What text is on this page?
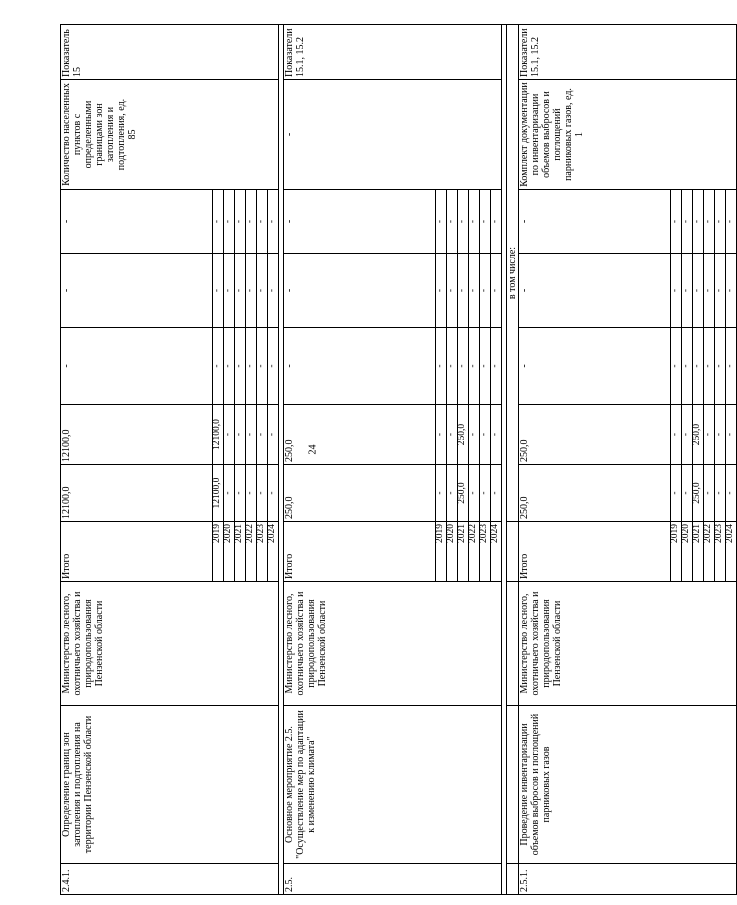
24
2.4.1.	Определение границ зон затопления и подтопления на территории Пензенской области	Министерство лесного, охотничьего хозяйства и природопользования Пензенской области	Итого	12100,0	12100,0	-	-	-	Количество населенных пунктов с определенными границами зон затопления и подтопления, ед. 85	Показатель 15
			2019	12100,0	12100,0	-	-	-		
			2020	-	-	-	-	-		
			2021	-	-	-	-	-		
			2022	-	-	-	-	-		
			2023	-	-	-	-	-		
			2024	-	-	-	-	-		

2.5.	Основное мероприятие 2.5. "Осуществление мер по адаптации к изменению климата"	Министерство лесного, охотничьего хозяйства и природопользования Пензенской области	Итого	250,0	250,0	-	-	-	-	Показатели 15.1, 15.2
			2019	-	-	-	-	-		
			2020	-	-	-	-	-		
			2021	250,0	250,0	-	-	-		
			2022	-	-	-	-	-		
			2023	-	-	-	-	-		
			2024	-	-	-	-	-		

				в том числе:						
2.5.1.	Проведение инвентаризации объемов выбросов и поглощений парниковых газов	Министерство лесного, охотничьего хозяйства и природопользования Пензенской области	Итого	250,0	250,0	-	-	-	Комплект документации по инвентаризации объемов выбросов и поглощений парниковых газов, ед. 1	Показатели 15.1, 15.2
			2019	-	-	-	-	-		
			2020	-	-	-	-	-		
			2021	250,0	250,0	-	-	-		
			2022	-	-	-	-	-		
			2023	-	-	-	-	-		
			2024	-	-	-	-	-		
